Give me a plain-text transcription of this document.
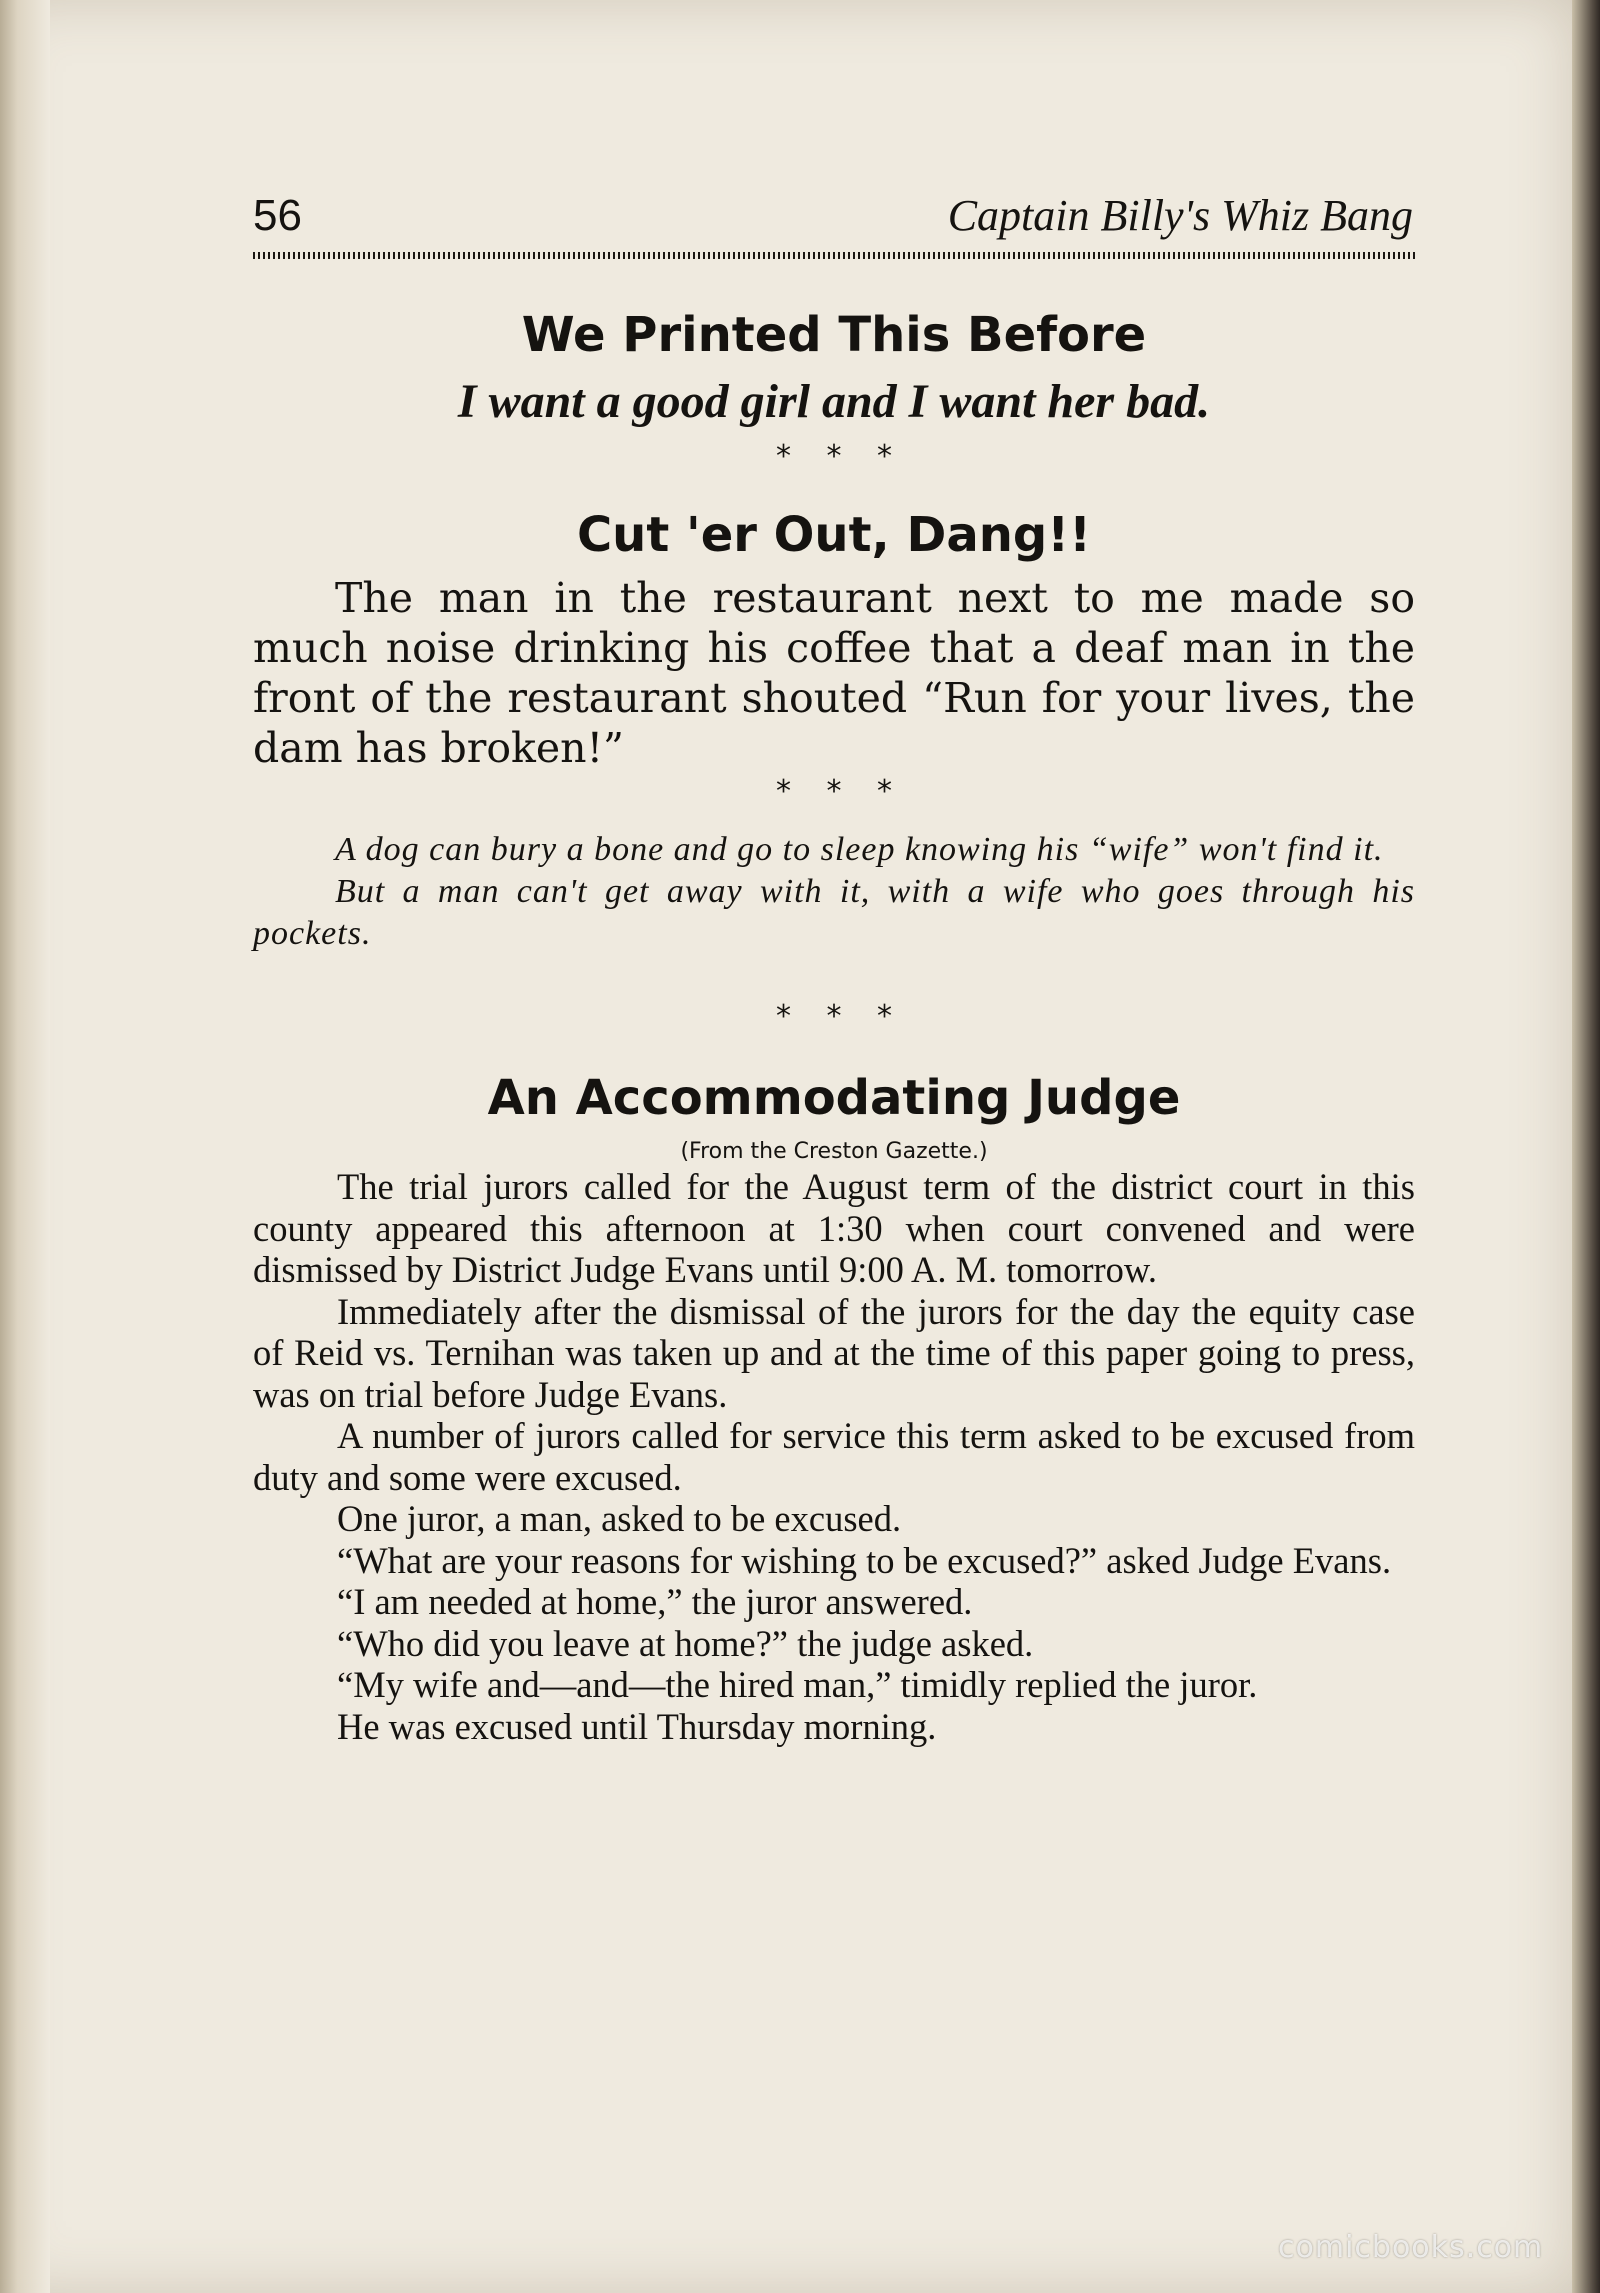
56	Captain Billy's Whiz Bang
We Printed This Before
I want a good girl and I want her bad.
* * *
Cut 'er Out, Dang!!

The man in the restaurant next to me made so much noise drinking his coffee that a deaf man in the front of the restaurant shouted “Run for your lives, the dam has broken!”

* * *

A dog can bury a bone and go to sleep knowing his “wife” won't find it.

But a man can't get away with it, with a wife who goes through his pockets.

* * *
An Accommodating Judge
(From the Creston Gazette.)

The trial jurors called for the August term of the district court in this county appeared this afternoon at 1:30 when court convened and were dismissed by District Judge Evans until 9:00 A. M. tomorrow.

Immediately after the dismissal of the jurors for the day the equity case of Reid vs. Ternihan was taken up and at the time of this paper going to press, was on trial before Judge Evans.

A number of jurors called for service this term asked to be excused from duty and some were excused.

One juror, a man, asked to be excused.

“What are your reasons for wishing to be excused?” asked Judge Evans.

“I am needed at home,” the juror answered.

“Who did you leave at home?” the judge asked.

“My wife and—and—the hired man,” timidly replied the juror.

He was excused until Thursday morning.

comicbooks.com
